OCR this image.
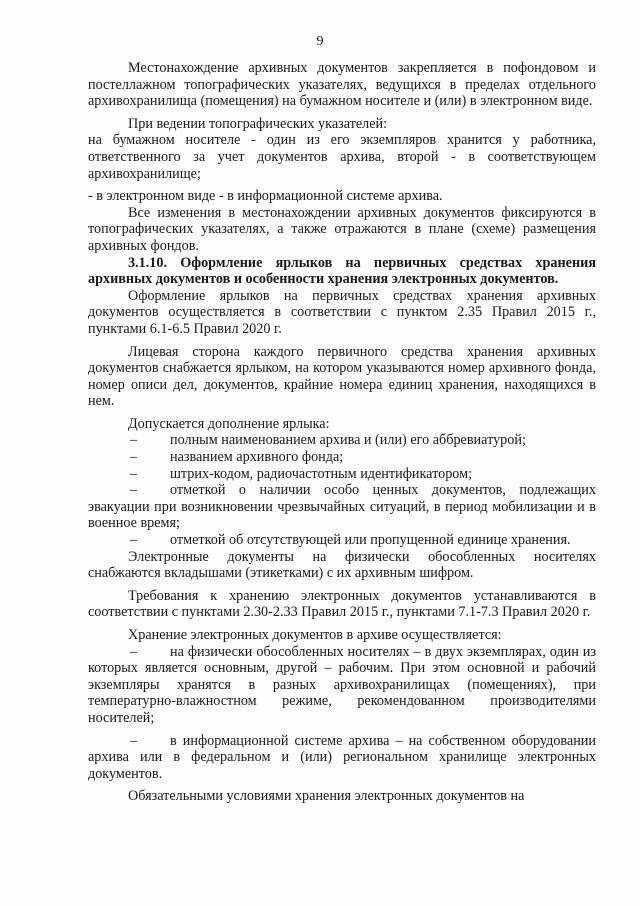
9

Местонахождение архивных документов закрепляется в пофондовом и постеллажном топографических указателях, ведущихся в пределах отдельного архивохранилища (помещения) на бумажном носителе и (или) в электронном виде.

При ведении топографических указателей:

на бумажном носителе - один из его экземпляров хранится у работника, ответственного за учет документов архива, второй - в соответствующем архивохранилище;

- в электронном виде - в информационной системе архива.

Все изменения в местонахождении архивных документов фиксируются в топографических указателях, а также отражаются в плане (схеме) размещения архивных фондов.

3.1.10. Оформление ярлыков на первичных средствах хранения архивных документов и особенности хранения электронных документов.

Оформление ярлыков на первичных средствах хранения архивных документов осуществляется в соответствии с пунктом 2.35 Правил 2015 г., пунктами 6.1-6.5 Правил 2020 г.

Лицевая сторона каждого первичного средства хранения архивных документов снабжается ярлыком, на котором указываются номер архивного фонда, номер описи дел, документов, крайние номера единиц хранения, находящихся в нем.

Допускается дополнение ярлыка:

– полным наименованием архива и (или) его аббревиатурой;

– названием архивного фонда;

– штрих-кодом, радиочастотным идентификатором;

– отметкой о наличии особо ценных документов, подлежащих эвакуации при возникновении чрезвычайных ситуаций, в период мобилизации и в военное время;

– отметкой об отсутствующей или пропущенной единице хранения.

Электронные документы на физически обособленных носителях снабжаются вкладышами (этикетками) с их архивным шифром.

Требования к хранению электронных документов устанавливаются в соответствии с пунктами 2.30-2.33 Правил 2015 г., пунктами 7.1-7.3 Правил 2020 г.

Хранение электронных документов в архиве осуществляется:

– на физически обособленных носителях – в двух экземплярах, один из которых является основным, другой – рабочим. При этом основной и рабочий экземпляры хранятся в разных архивохранилищах (помещениях), при температурно-влажностном режиме, рекомендованном производителями носителей;

– в информационной системе архива – на собственном оборудовании архива или в федеральном и (или) региональном хранилище электронных документов.

Обязательными условиями хранения электронных документов на
